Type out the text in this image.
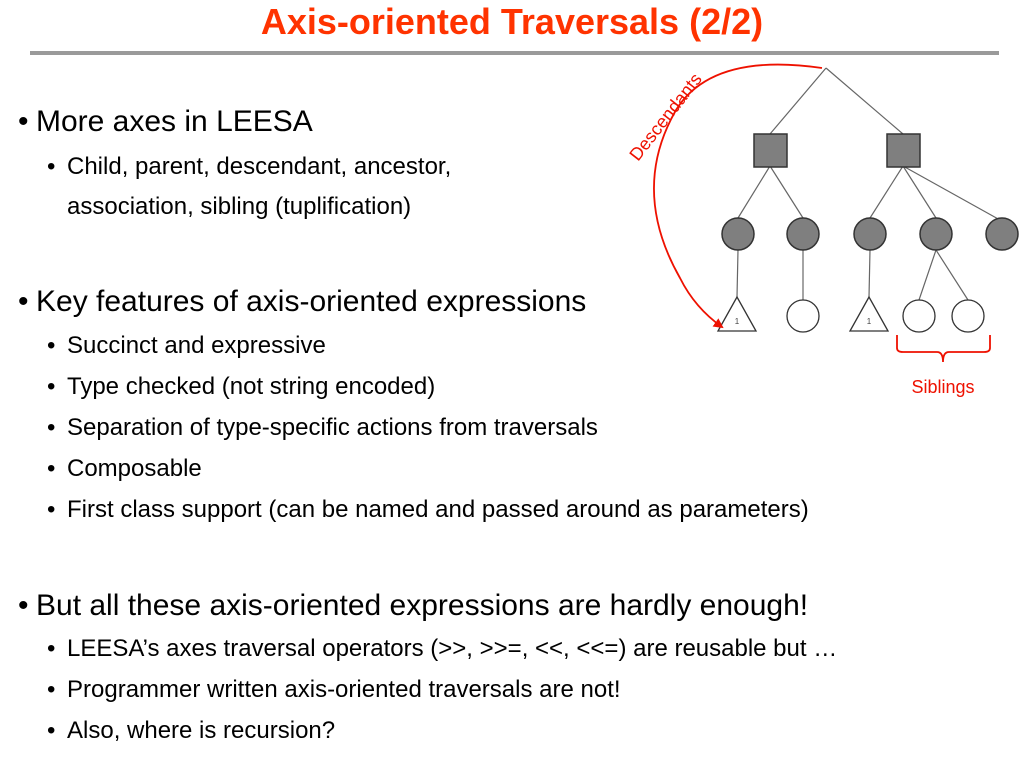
Axis-oriented Traversals (2/2)
• More axes in LEESA
• Child, parent, descendant, ancestor,
association, sibling (tuplification)
• Key features of axis-oriented expressions
• Succinct and expressive
• Type checked (not string encoded)
• Separation of type-specific actions from traversals
• Composable
• First class support (can be named and passed around as parameters)
• But all these axis-oriented expressions are hardly enough!
• LEESA’s axes traversal operators (>>, >>=, <<, <<=) are reusable but …
• Programmer written axis-oriented traversals are not!
• Also, where is recursion?
1	1
Descendants
Siblings
